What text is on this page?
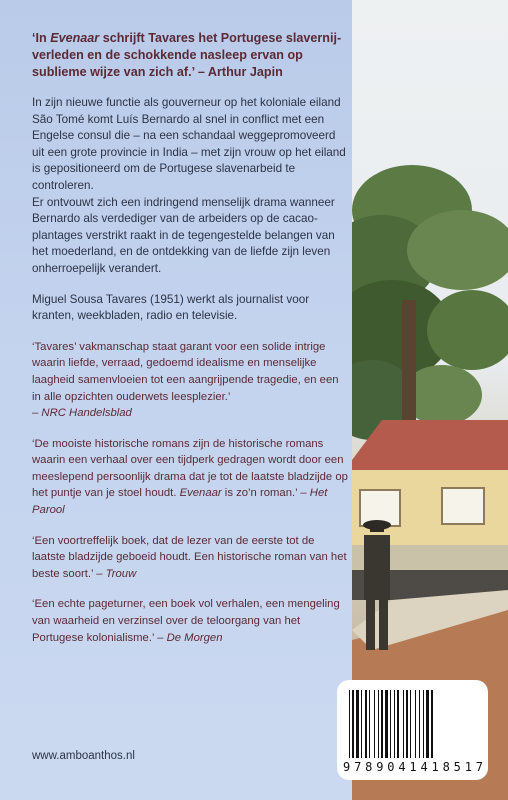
‘In Evenaar schrijft Tavares het Portugese slavernij-verleden en de schokkende nasleep ervan op sublieme wijze van zich af.’ – Arthur Japin

In zijn nieuwe functie als gouverneur op het koloniale eiland São Tomé komt Luís Bernardo al snel in conflict met een Engelse consul die – na een schandaal weggepromoveerd uit een grote provincie in India – met zijn vrouw op het eiland is gepositioneerd om de Portugese slavenarbeid te controleren.

Er ontvouwt zich een indringend menselijk drama wanneer Bernardo als verdediger van de arbeiders op de cacao-plantages verstrikt raakt in de tegengestelde belangen van het moederland, en de ontdekking van de liefde zijn leven onherroepelijk verandert.

Miguel Sousa Tavares (1951) werkt als journalist voor kranten, weekbladen, radio en televisie.

‘Tavares’ vakmanschap staat garant voor een solide intrige waarin liefde, verraad, gedoemd idealisme en menselijke laagheid samenvloeien tot een aangrijpende tragedie, en een in alle opzichten ouderwets leesplezier.’
– NRC Handelsblad

‘De mooiste historische romans zijn de historische romans waarin een verhaal over een tijdperk gedragen wordt door een meeslepend persoonlijk drama dat je tot de laatste bladzijde op het puntje van je stoel houdt. Evenaar is zo’n roman.’ – Het Parool

‘Een voortreffelijk boek, dat de lezer van de eerste tot de laatste bladzijde geboeid houdt. Een historische roman van het beste soort.’ – Trouw

‘Een echte pageturner, een boek vol verhalen, een mengeling van waarheid en verzinsel over de teloorgang van het Portugese kolonialisme.’ – De Morgen

www.amboanthos.nl
9 7 8 9 0 4 1 4 1 8 5 1 7
